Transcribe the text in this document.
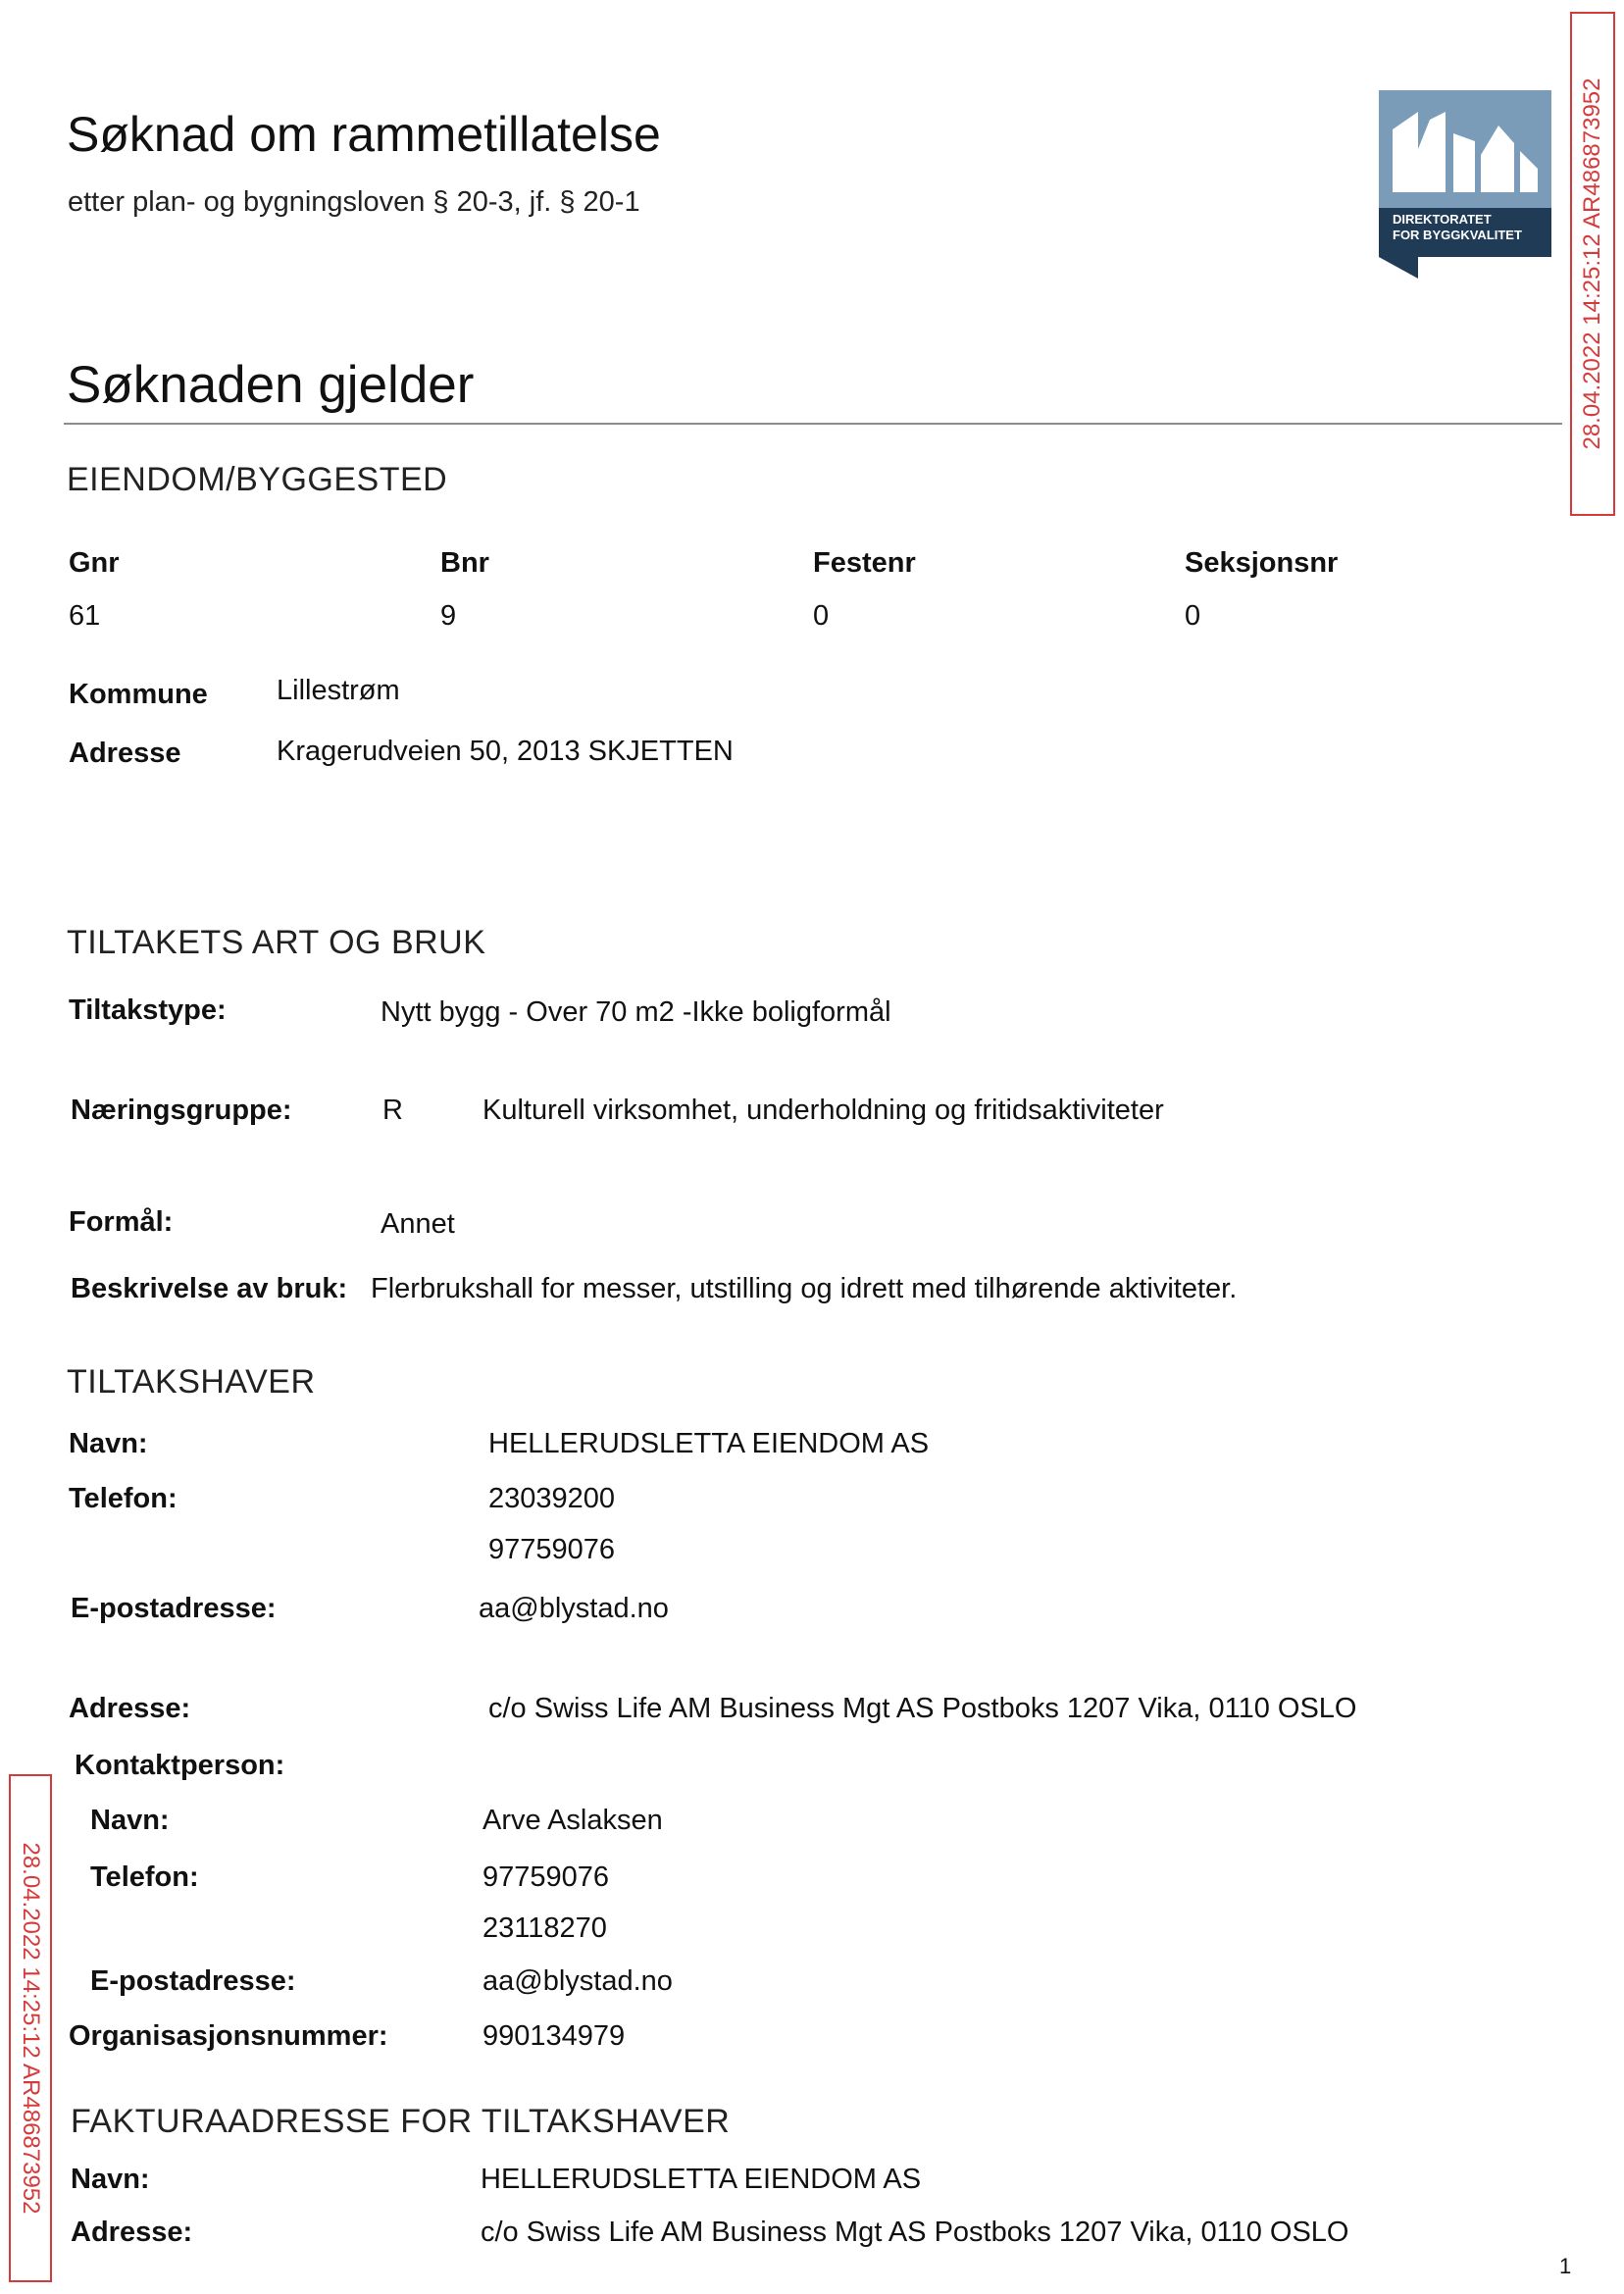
Søknad om rammetillatelse
etter plan- og bygningsloven § 20-3, jf. § 20-1
DIREKTORATET
FOR BYGGKVALITET 28.04.2022 14:25:12 AR486873952
28.04.2022 14:25:12 AR486873952
Søknaden gjelder
EIENDOM/BYGGESTED
Gnr	Bnr	Festenr	Seksjonsnr
61	9	0	0
Kommune Lillestrøm
Adresse	Kragerudveien 50, 2013 SKJETTEN
TILTAKETS ART OG BRUK
Tiltakstype:	Nytt bygg - Over 70 m2 -Ikke boligformål
Næringsgruppe:	R	Kulturell virksomhet, underholdning og fritidsaktiviteter
Formål:	Annet
Beskrivelse av bruk: Flerbrukshall for messer, utstilling og idrett med tilhørende aktiviteter.
TILTAKSHAVER
Navn:	HELLERUDSLETTA EIENDOM AS
Telefon:	23039200
97759076
E-postadresse:	aa@blystad.no
Adresse:	c/o Swiss Life AM Business Mgt AS Postboks 1207 Vika, 0110 OSLO
Kontaktperson:
Navn:	Arve Aslaksen
Telefon:	97759076
23118270
E-postadresse:	aa@blystad.no
Organisasjonsnummer:	990134979
FAKTURAADRESSE FOR TILTAKSHAVER
Navn:	HELLERUDSLETTA EIENDOM AS
Adresse:	c/o Swiss Life AM Business Mgt AS Postboks 1207 Vika, 0110 OSLO
1
